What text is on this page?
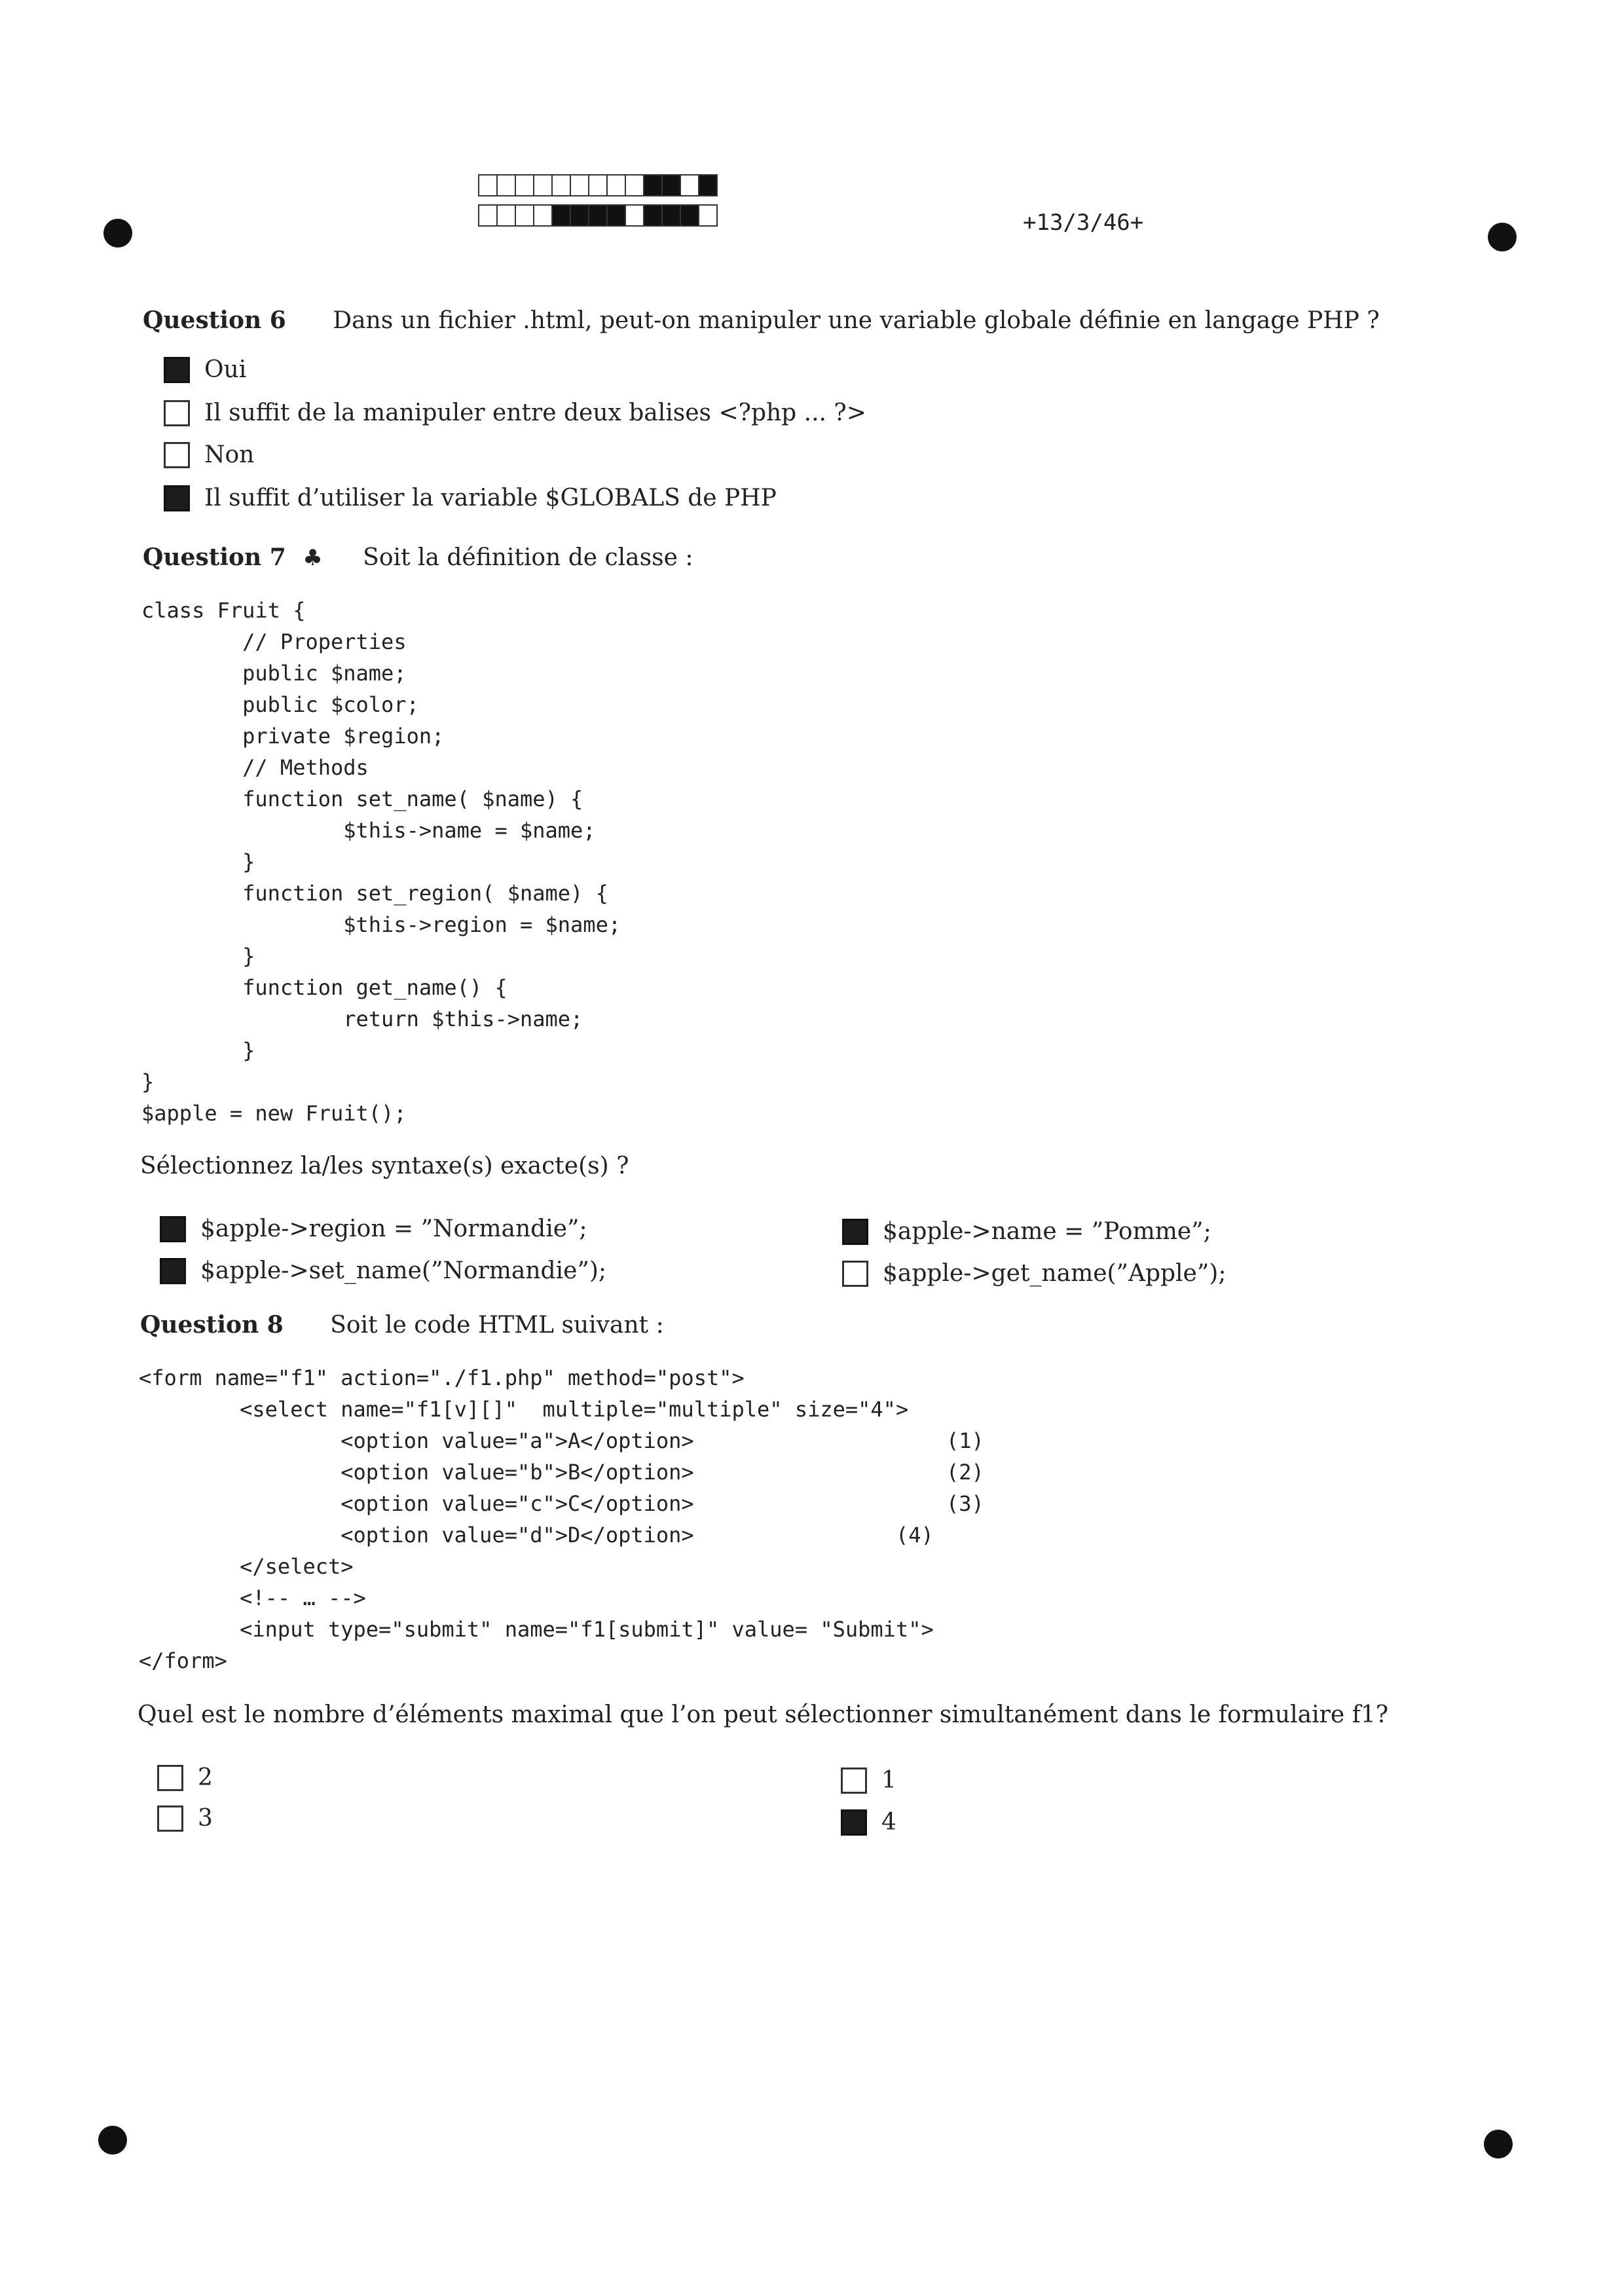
+13/3/46+
Question 6 Dans un fichier .html, peut-on manipuler une variable globale définie en langage PHP ?
Oui
Il suffit de la manipuler entre deux balises <?php ... ?>
Non
Il suffit d’utiliser la variable $GLOBALS de PHP
Question 7 ♣ Soit la définition de classe :
class Fruit {
// Properties
public $name;
public $color;
private $region;
// Methods
function set_name( $name) {
$this->name = $name;
}
function set_region( $name) {
$this->region = $name;
}
function get_name() {
return $this->name;
}
}
$apple = new Fruit();
Sélectionnez la/les syntaxe(s) exacte(s) ?
$apple->region = ”Normandie”;
$apple->set_name(”Normandie”);
$apple->name = ”Pomme”;
$apple->get_name(”Apple”);
Question 8 Soit le code HTML suivant :
<form name="f1" action="./f1.php" method="post">
<select name="f1[v][]"  multiple="multiple" size="4">
<option value="a">A</option>                    (1)
<option value="b">B</option>                    (2)
<option value="c">C</option>                    (3)
<option value="d">D</option>                (4)
</select>
<!-- … -->
<input type="submit" name="f1[submit]" value= "Submit">
</form>
Quel est le nombre d’éléments maximal que l’on peut sélectionner simultanément dans le formulaire f1?
2
3
1
4
